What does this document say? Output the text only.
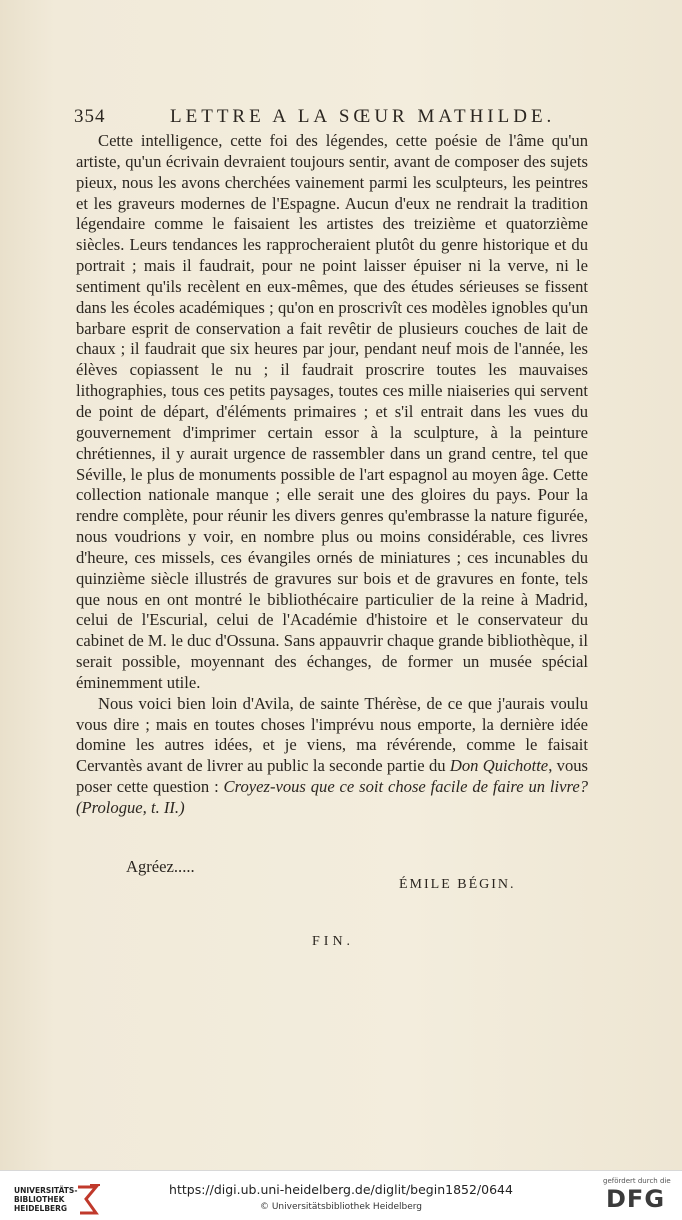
354	LETTRE A LA SŒUR MATHILDE.

Cette intelligence, cette foi des légendes, cette poésie de l'âme qu'un artiste, qu'un écrivain devraient toujours sentir, avant de composer des sujets pieux, nous les avons cherchées vainement parmi les sculpteurs, les peintres et les graveurs modernes de l'Espagne. Aucun d'eux ne rendrait la tradition légendaire comme le faisaient les artistes des treizième et quatorzième siècles. Leurs tendances les rapprocheraient plutôt du genre historique et du portrait ; mais il faudrait, pour ne point laisser épuiser ni la verve, ni le sentiment qu'ils recèlent en eux-mêmes, que des études sérieuses se fissent dans les écoles académiques ; qu'on en proscrivît ces modèles ignobles qu'un barbare esprit de conservation a fait revêtir de plusieurs couches de lait de chaux ; il faudrait que six heures par jour, pendant neuf mois de l'année, les élèves copiassent le nu ; il faudrait proscrire toutes les mauvaises lithographies, tous ces petits paysages, toutes ces mille niaiseries qui servent de point de départ, d'éléments primaires ; et s'il entrait dans les vues du gouvernement d'imprimer certain essor à la sculpture, à la peinture chrétiennes, il y aurait urgence de rassembler dans un grand centre, tel que Séville, le plus de monuments possible de l'art espagnol au moyen âge. Cette collection nationale manque ; elle serait une des gloires du pays. Pour la rendre complète, pour réunir les divers genres qu'embrasse la nature figurée, nous voudrions y voir, en nombre plus ou moins considérable, ces livres d'heure, ces missels, ces évangiles ornés de miniatures ; ces incunables du quinzième siècle illustrés de gravures sur bois et de gravures en fonte, tels que nous en ont montré le bibliothécaire particulier de la reine à Madrid, celui de l'Escurial, celui de l'Académie d'histoire et le conservateur du cabinet de M. le duc d'Ossuna. Sans appauvrir chaque grande bibliothèque, il serait possible, moyennant des échanges, de former un musée spécial éminemment utile.

Nous voici bien loin d'Avila, de sainte Thérèse, de ce que j'aurais voulu vous dire ; mais en toutes choses l'imprévu nous emporte, la dernière idée domine les autres idées, et je viens, ma révérende, comme le faisait Cervantès avant de livrer au public la seconde partie du Don Quichotte, vous poser cette question : Croyez-vous que ce soit chose facile de faire un livre? (Prologue, t. II.)

Agréez.....
ÉMILE BÉGIN.
FIN.
UNIVERSITÄTS-
BIBLIOTHEK
HEIDELBERG
https://digi.ub.uni-heidelberg.de/diglit/begin1852/0644
© Universitätsbibliothek Heidelberg
gefördert durch die
DFG
